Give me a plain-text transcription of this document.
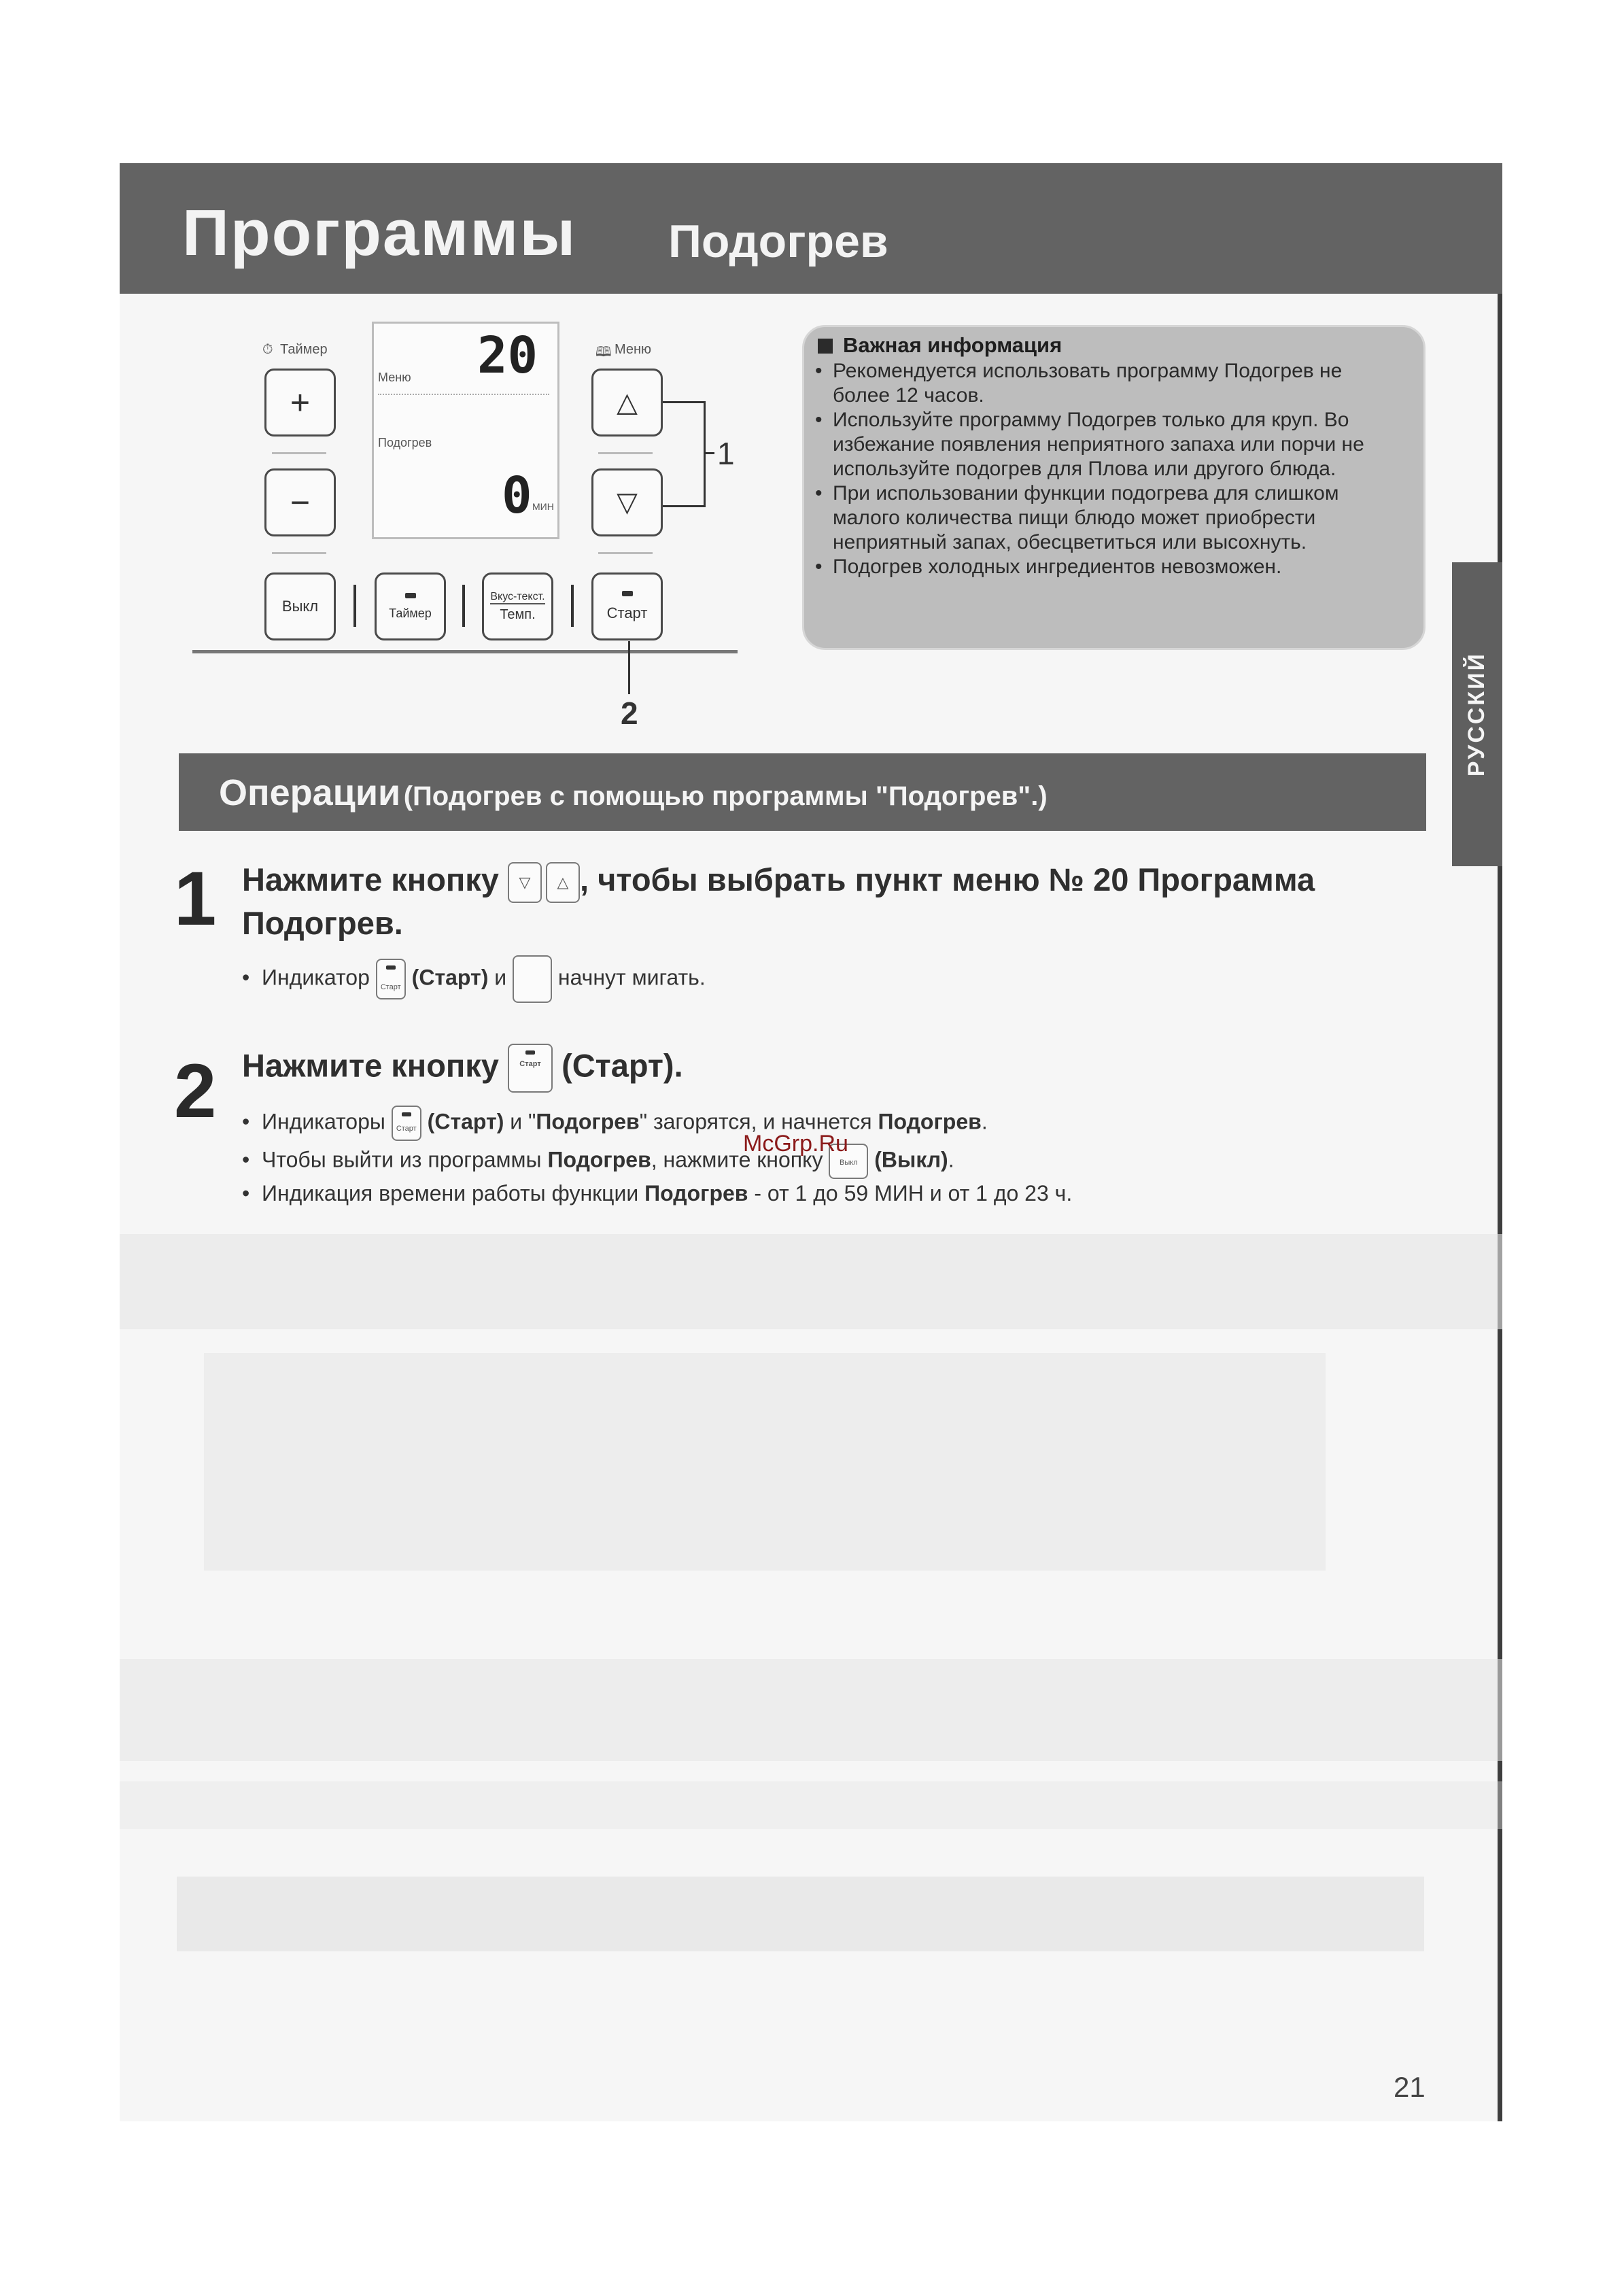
Программы Подогрев
⏱ Таймер	🕮 Меню
+
−
Меню 20
Подогрев
0 МИН
△
▽
1
Выкл	Таймер
Вкус-текст.
Темп.	Старт
2
Важная информация
• Рекомендуется использовать программу Подогрев не более 12 часов.
• Используйте программу Подогрев только для круп. Во избежание появления неприятного запаха или порчи не используйте подогрев для Плова или другого блюда.
• При использовании функции подогрева для слишком малого количества пищи блюдо может приобрести неприятный запах, обесцветиться или высохнуть.
• Подогрев холодных ингредиентов невозможен.
РУССКИЙ
Операции (Подогрев с помощью программы "Подогрев".)
1 Нажмите кнопку ▽ △ , чтобы выбрать пункт меню № 20 Программа
Подогрев.
•  Индикатор	Старт (Старт) и начнут мигать.
2 Нажмите кнопку	Старт (Старт).
•  Индикаторы	Старт (Старт) и "Подогрев" загорятся, и начнется Подогрев.
•  Чтобы выйти из программы Подогрев, нажмите кнопку	Выкл (Выкл).
•  Индикация времени работы функции Подогрев - от 1 до 59 МИН и от 1 до 23 ч.
McGrp.Ru
21
